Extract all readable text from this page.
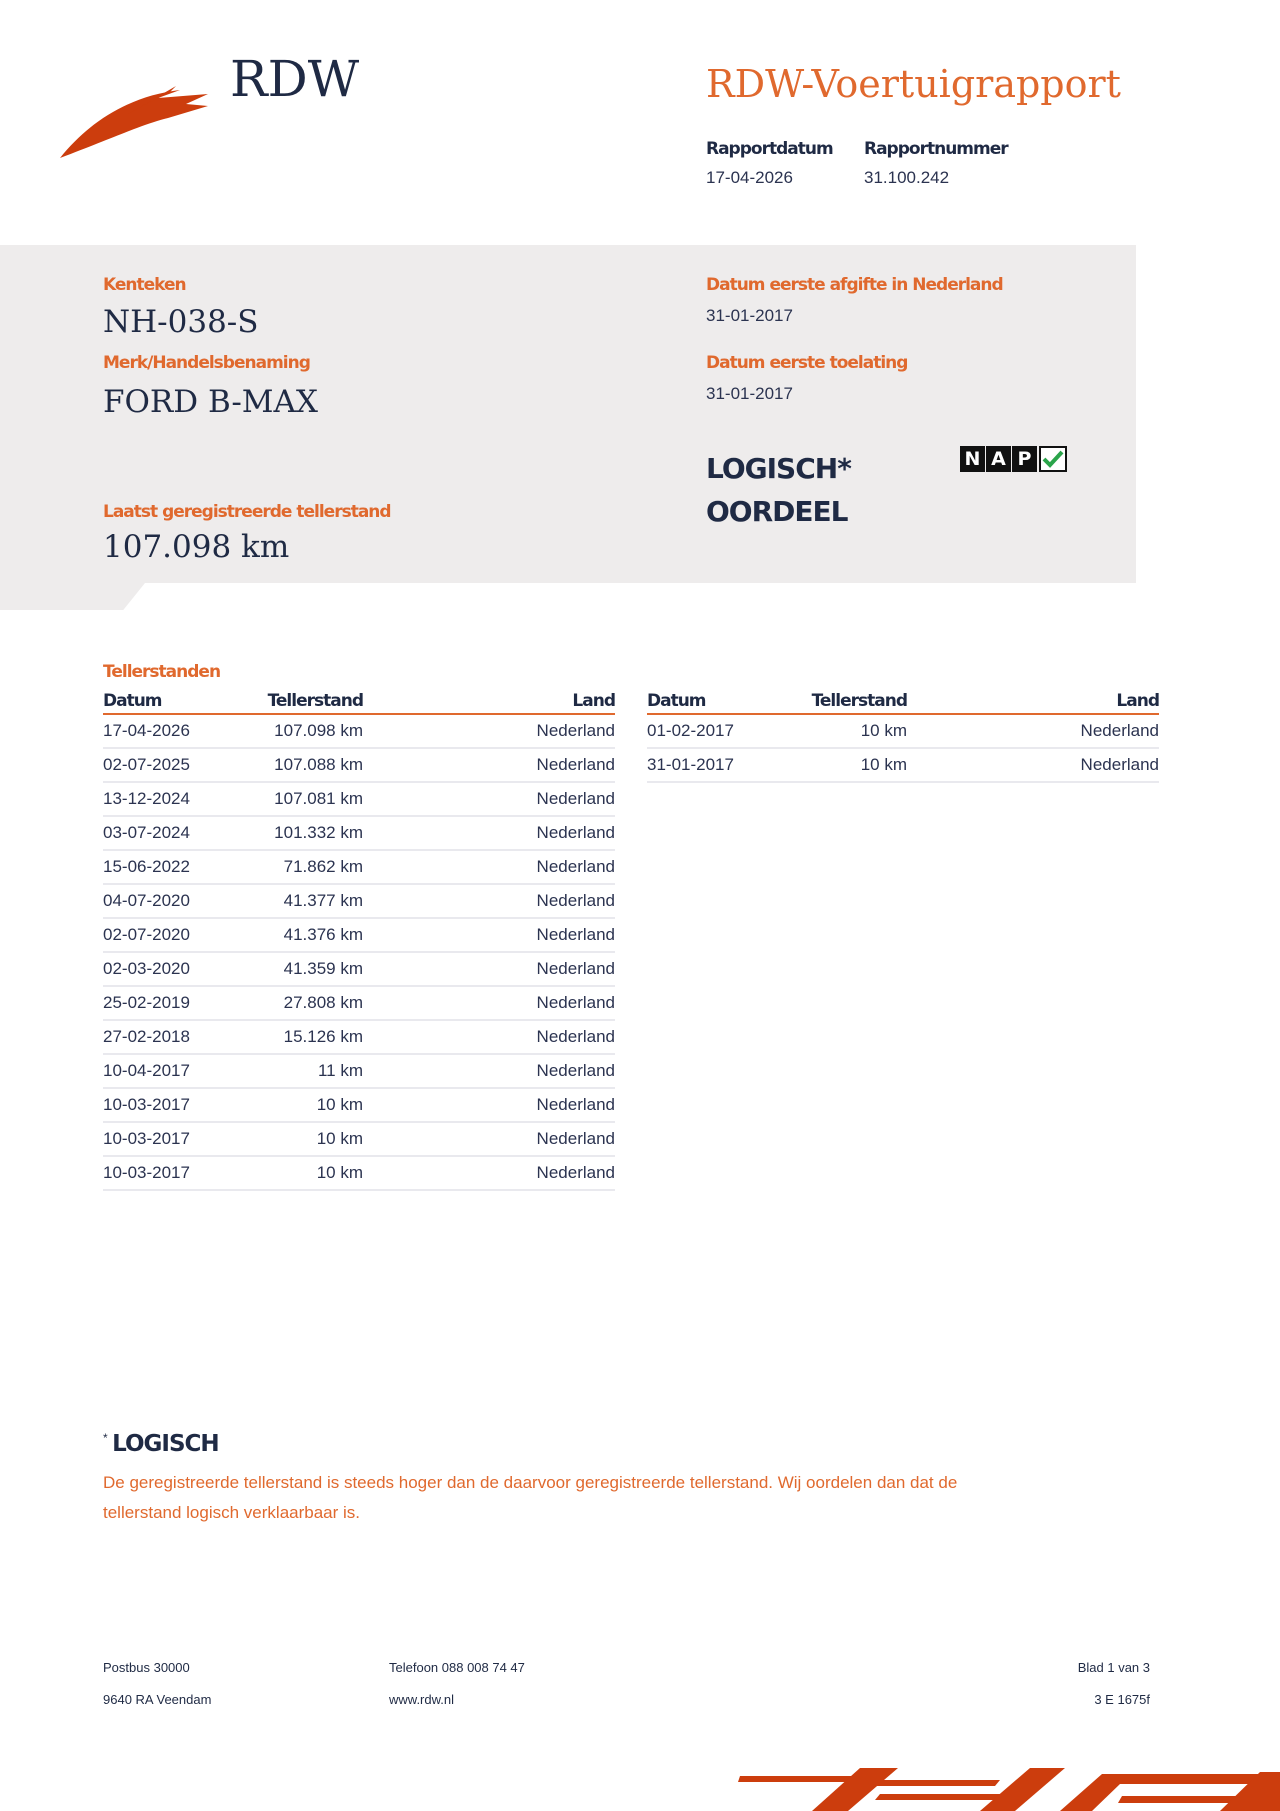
RDW	RDW-Voertuigrapport
Rapportdatum
17-04-2026
Rapportnummer
31.100.242
Kenteken
NH-038-S
Merk/Handelsbenaming
FORD B-MAX
Laatst geregistreerde tellerstand
107.098 km
Datum eerste afgifte in Nederland
31-01-2017
Datum eerste toelating
31-01-2017
LOGISCH*
OORDEEL
N A P
Tellerstanden
Datum	Tellerstand	Land
17-04-2026	107.098 km	Nederland
02-07-2025	107.088 km	Nederland
13-12-2024	107.081 km	Nederland
03-07-2024	101.332 km	Nederland
15-06-2022	71.862 km	Nederland
04-07-2020	41.377 km	Nederland
02-07-2020	41.376 km	Nederland
02-03-2020	41.359 km	Nederland
25-02-2019	27.808 km	Nederland
27-02-2018	15.126 km	Nederland
10-04-2017	11 km	Nederland
10-03-2017	10 km	Nederland
10-03-2017	10 km	Nederland
10-03-2017	10 km	Nederland
Datum	Tellerstand	Land
01-02-2017	10 km	Nederland
31-01-2017	10 km	Nederland
* LOGISCH
De geregistreerde tellerstand is steeds hoger dan de daarvoor geregistreerde tellerstand. Wij oordelen dan dat de
tellerstand logisch verklaarbaar is.
Postbus 30000
9640 RA Veendam
Telefoon 088 008 74 47
www.rdw.nl
Blad 1 van 3
3 E 1675f
